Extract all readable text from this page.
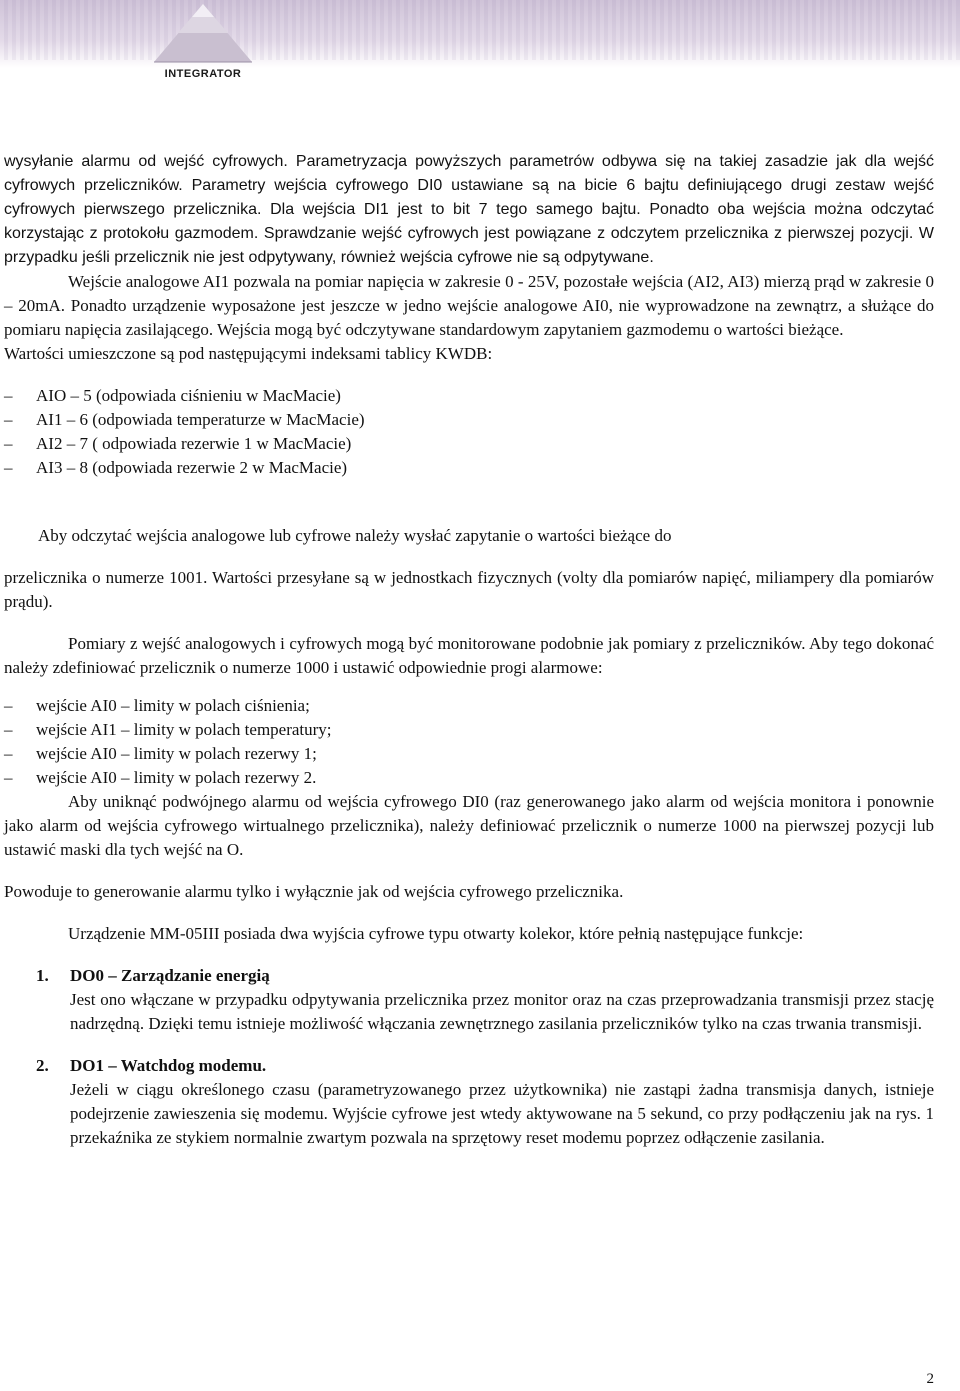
INTEGRATOR

wysyłanie alarmu od wejść cyfrowych. Parametryzacja powyższych parametrów odbywa się na takiej zasadzie jak dla wejść cyfrowych przeliczników. Parametry wejścia cyfrowego DI0 ustawiane są na bicie 6 bajtu definiującego drugi zestaw wejść cyfrowych pierwszego przelicznika. Dla wejścia DI1 jest to bit 7 tego samego bajtu. Ponadto oba wejścia można odczytać korzystając z protokołu gazmodem. Sprawdzanie wejść cyfrowych jest powiązane z odczytem przelicznika z pierwszej pozycji. W przypadku jeśli przelicznik nie jest odpytywany, również wejścia cyfrowe nie są odpytywane.

Wejście analogowe AI1 pozwala na pomiar napięcia w zakresie 0 - 25V, pozostałe wejścia (AI2, AI3) mierzą prąd w zakresie 0 – 20mA. Ponadto urządzenie wyposażone jest jeszcze w jedno wejście analogowe AI0, nie wyprowadzone na zewnątrz, a służące do pomiaru napięcia zasilającego. Wejścia mogą być odczytywane standardowym zapytaniem gazmodemu o wartości bieżące.

Wartości umieszczone są pod następującymi indeksami tablicy KWDB:

– AIO – 5 (odpowiada ciśnieniu w MacMacie)
– AI1 – 6 (odpowiada temperaturze w MacMacie)
– AI2 – 7 ( odpowiada rezerwie 1 w MacMacie)
– AI3 – 8 (odpowiada rezerwie 2 w MacMacie)

Aby odczytać wejścia analogowe lub cyfrowe należy wysłać zapytanie o wartości bieżące do

przelicznika o numerze 1001. Wartości przesyłane są w jednostkach fizycznych (volty dla pomiarów napięć, miliampery dla pomiarów prądu).

Pomiary z wejść analogowych i cyfrowych mogą być monitorowane podobnie jak pomiary z przeliczników. Aby tego dokonać należy zdefiniować przelicznik o numerze 1000 i ustawić odpowiednie progi alarmowe:

– wejście AI0 – limity w polach ciśnienia;
– wejście AI1 – limity w polach temperatury;
– wejście AI0 – limity w polach rezerwy 1;
– wejście AI0 – limity w polach rezerwy 2.

Aby uniknąć podwójnego alarmu od wejścia cyfrowego DI0 (raz generowanego jako alarm od wejścia monitora i ponownie jako alarm od wejścia cyfrowego wirtualnego przelicznika), należy definiować przelicznik o numerze 1000 na pierwszej pozycji lub ustawić maski dla tych wejść na O.

Powoduje to generowanie alarmu tylko i wyłącznie jak od wejścia cyfrowego przelicznika.

Urządzenie MM-05III posiada dwa wyjścia cyfrowe typu otwarty kolekor, które pełnią następujące funkcje:

1. DO0 – Zarządzanie energią

Jest ono włączane w przypadku odpytywania przelicznika przez monitor oraz na czas przeprowadzania transmisji przez stację nadrzędną. Dzięki temu istnieje możliwość włączania zewnętrznego zasilania przeliczników tylko na czas trwania transmisji.

2. DO1 – Watchdog modemu.

Jeżeli w ciągu określonego czasu (parametryzowanego przez użytkownika) nie zastąpi żadna transmisja danych, istnieje podejrzenie zawieszenia się modemu. Wyjście cyfrowe jest wtedy aktywowane na 5 sekund, co przy podłączeniu jak na rys. 1 przekaźnika ze stykiem normalnie zwartym pozwala na sprzętowy reset modemu poprzez odłączenie zasilania.

2
